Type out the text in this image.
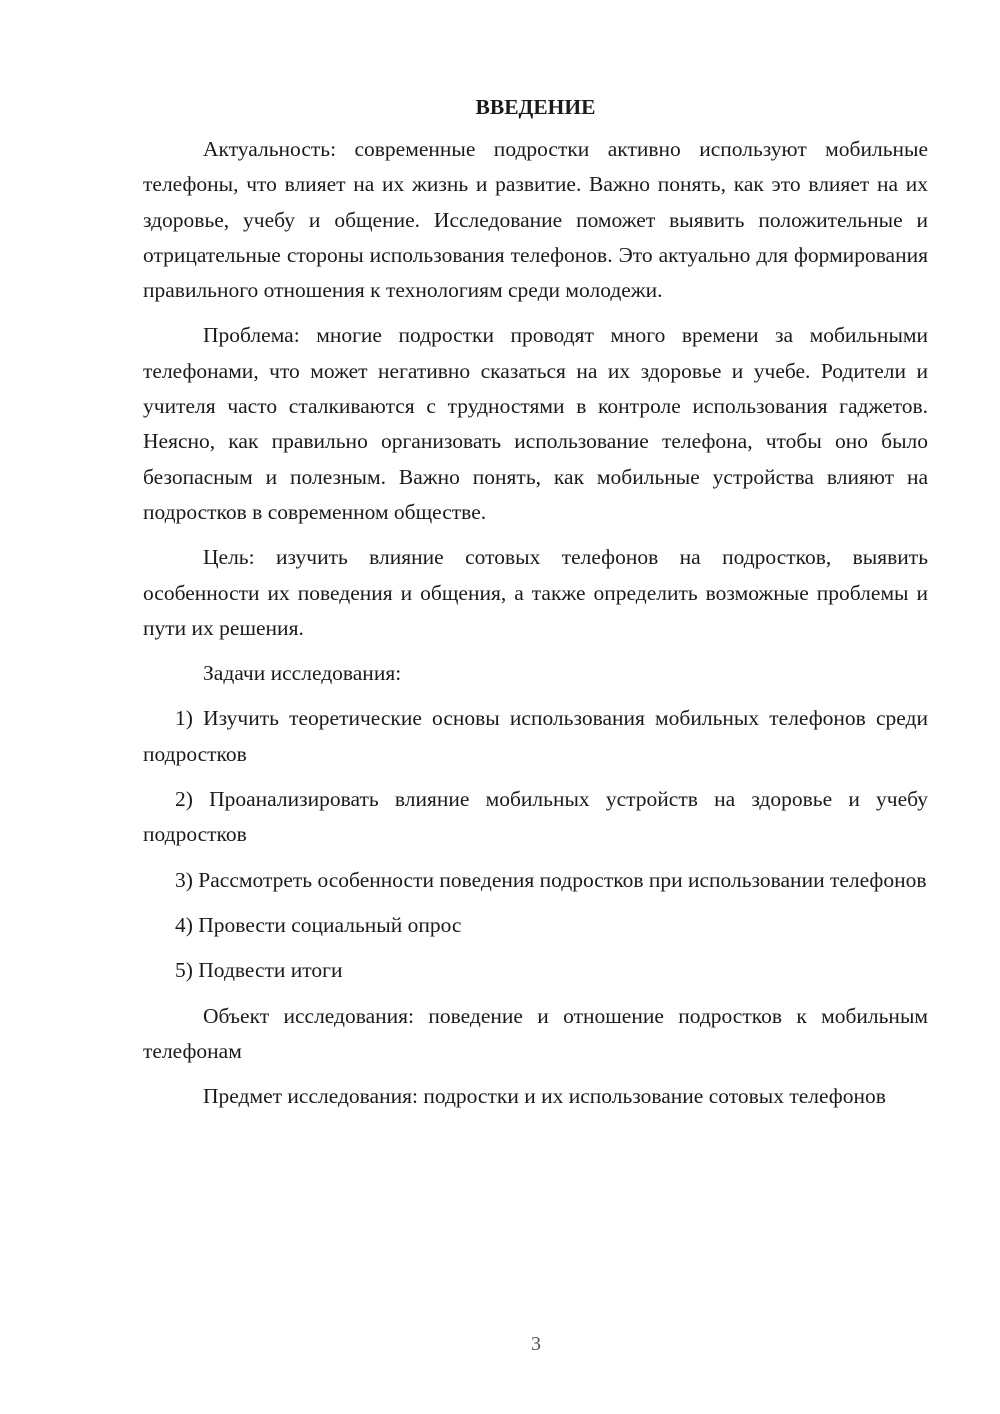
ВВЕДЕНИЕ

Актуальность: современные подростки активно используют мобильные телефоны, что влияет на их жизнь и развитие. Важно понять, как это влияет на их здоровье, учебу и общение. Исследование поможет выявить положительные и отрицательные стороны использования телефонов. Это актуально для формирования правильного отношения к технологиям среди молодежи.

Проблема: многие подростки проводят много времени за мобильными телефонами, что может негативно сказаться на их здоровье и учебе. Родители и учителя часто сталкиваются с трудностями в контроле использования гаджетов. Неясно, как правильно организовать использование телефона, чтобы оно было безопасным и полезным. Важно понять, как мобильные устройства влияют на подростков в современном обществе.

Цель: изучить влияние сотовых телефонов на подростков, выявить особенности их поведения и общения, а также определить возможные проблемы и пути их решения.

Задачи исследования:

1) Изучить теоретические основы использования мобильных телефонов среди подростков

2) Проанализировать влияние мобильных устройств на здоровье и учебу подростков

3) Рассмотреть особенности поведения подростков при использовании телефонов

4) Провести социальный опрос

5) Подвести итоги

Объект исследования: поведение и отношение подростков к мобильным телефонам

Предмет исследования: подростки и их использование сотовых телефонов

3
